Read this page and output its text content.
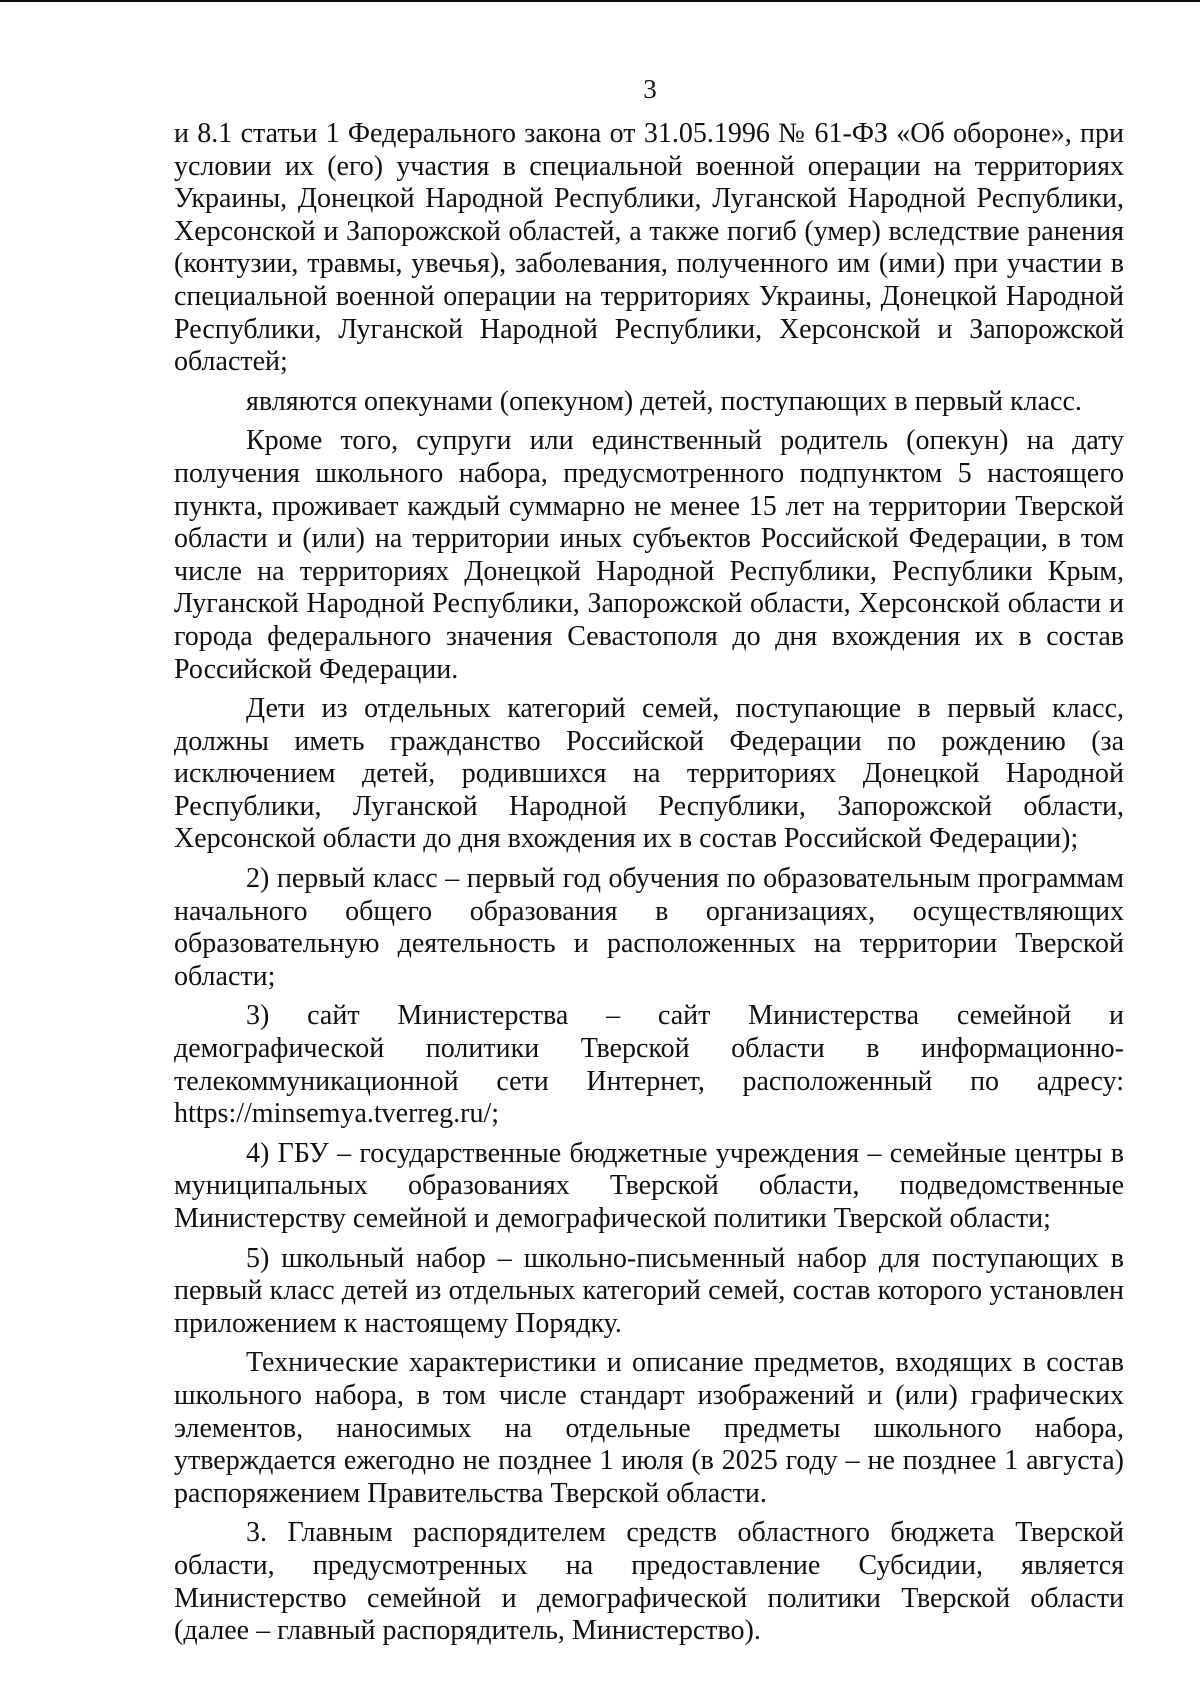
3

и 8.1 статьи 1 Федерального закона от 31.05.1996 № 61-ФЗ «Об обороне», при условии их (его) участия в специальной военной операции на территориях Украины, Донецкой Народной Республики, Луганской Народной Республики, Херсонской и Запорожской областей, а также погиб (умер) вследствие ранения (контузии, травмы, увечья), заболевания, полученного им (ими) при участии в специальной военной операции на территориях Украины, Донецкой Народной Республики, Луганской Народной Республики, Херсонской и Запорожской областей;

являются опекунами (опекуном) детей, поступающих в первый класс.

Кроме того, супруги или единственный родитель (опекун) на дату получения школьного набора, предусмотренного подпунктом 5 настоящего пункта, проживает каждый суммарно не менее 15 лет на территории Тверской области и (или) на территории иных субъектов Российской Федерации, в том числе на территориях Донецкой Народной Республики, Республики Крым, Луганской Народной Республики, Запорожской области, Херсонской области и города федерального значения Севастополя до дня вхождения их в состав Российской Федерации.

Дети из отдельных категорий семей, поступающие в первый класс, должны иметь гражданство Российской Федерации по рождению (за исключением детей, родившихся на территориях Донецкой Народной Республики, Луганской Народной Республики, Запорожской области, Херсонской области до дня вхождения их в состав Российской Федерации);

2) первый класс – первый год обучения по образовательным программам начального общего образования в организациях, осуществляющих образовательную деятельность и расположенных на территории Тверской области;

3) сайт Министерства – сайт Министерства семейной и демографической политики Тверской области в информационно-телекоммуникационной сети Интернет, расположенный по адресу: https://minsemya.tverreg.ru/;

4) ГБУ – государственные бюджетные учреждения – семейные центры в муниципальных образованиях Тверской области, подведомственные Министерству семейной и демографической политики Тверской области;

5) школьный набор – школьно-письменный набор для поступающих в первый класс детей из отдельных категорий семей, состав которого установлен приложением к настоящему Порядку.

Технические характеристики и описание предметов, входящих в состав школьного набора, в том числе стандарт изображений и (или) графических элементов, наносимых на отдельные предметы школьного набора, утверждается ежегодно не позднее 1 июля (в 2025 году – не позднее 1 августа) распоряжением Правительства Тверской области.

3. Главным распорядителем средств областного бюджета Тверской области, предусмотренных на предоставление Субсидии, является Министерство семейной и демографической политики Тверской области (далее – главный распорядитель, Министерство).
